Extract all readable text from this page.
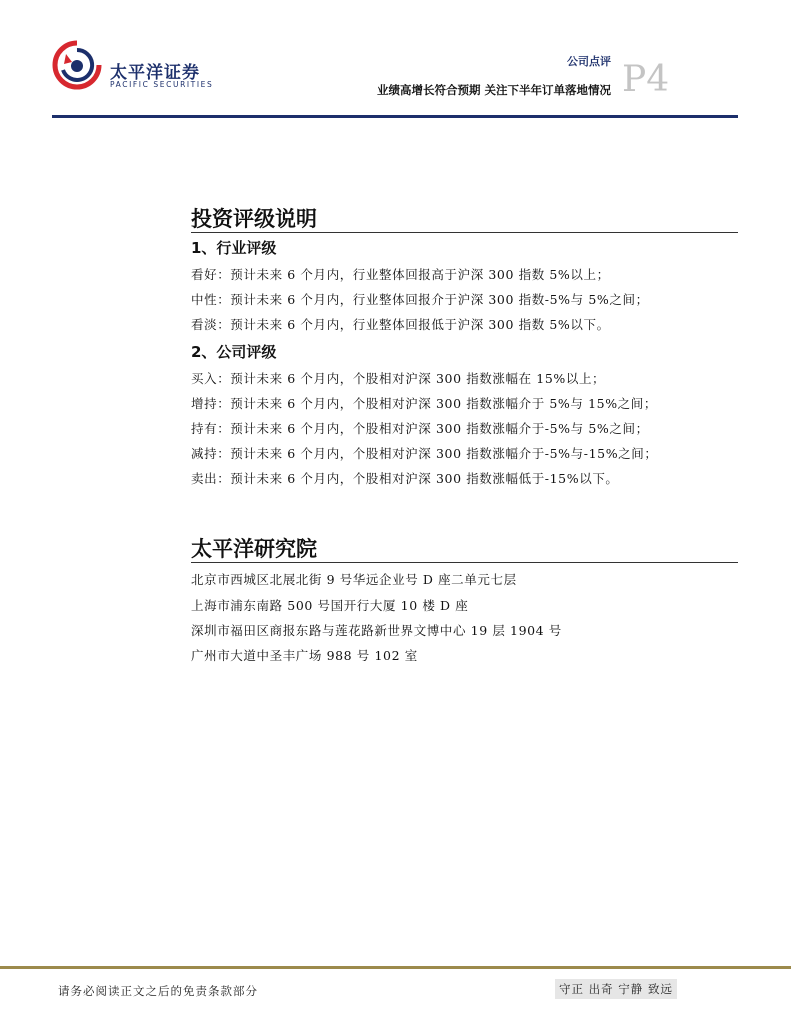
太平洋证券
PACIFIC SECURITIES
公司点评
业绩高增长符合预期 关注下半年订单落地情况 P4
投资评级说明
1、行业评级
看好：预计未来 6 个月内，行业整体回报高于沪深 300 指数 5%以上；
中性：预计未来 6 个月内，行业整体回报介于沪深 300 指数-5%与 5%之间；
看淡：预计未来 6 个月内，行业整体回报低于沪深 300 指数 5%以下。
2、公司评级
买入：预计未来 6 个月内，个股相对沪深 300 指数涨幅在 15%以上；
增持：预计未来 6 个月内，个股相对沪深 300 指数涨幅介于 5%与 15%之间；
持有：预计未来 6 个月内，个股相对沪深 300 指数涨幅介于-5%与 5%之间；
减持：预计未来 6 个月内，个股相对沪深 300 指数涨幅介于-5%与-15%之间；
卖出：预计未来 6 个月内，个股相对沪深 300 指数涨幅低于-15%以下。
太平洋研究院
北京市西城区北展北街 9 号华远企业号 D 座二单元七层
上海市浦东南路 500 号国开行大厦 10 楼 D 座
深圳市福田区商报东路与莲花路新世界文博中心 19 层 1904 号
广州市大道中圣丰广场 988 号 102 室
请务必阅读正文之后的免责条款部分	守正 出奇 宁静 致远
